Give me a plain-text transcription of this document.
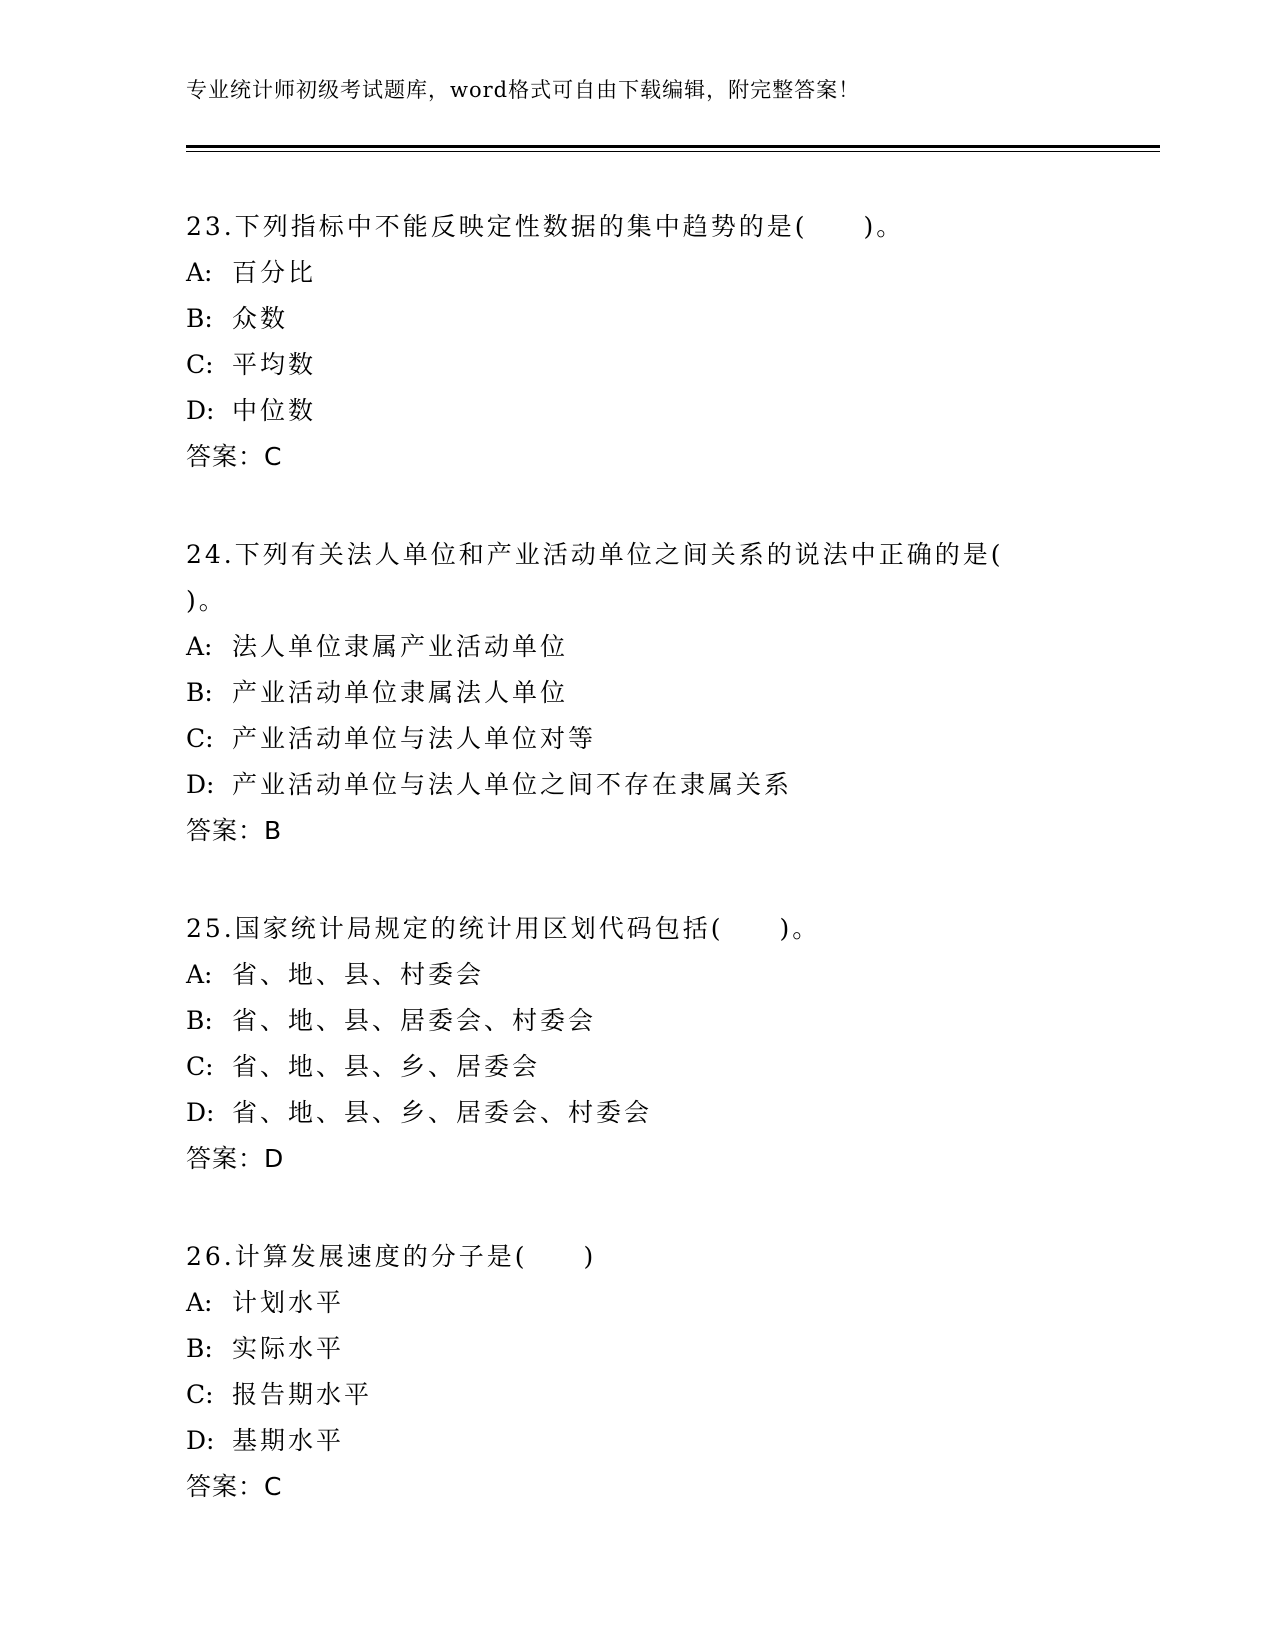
专业统计师初级考试题库，word格式可自由下载编辑，附完整答案！
23.下列指标中不能反映定性数据的集中趋势的是(　　)。
A: 百分比
B: 众数
C: 平均数
D: 中位数
答案：C
24.下列有关法人单位和产业活动单位之间关系的说法中正确的是(　　)。
A: 法人单位隶属产业活动单位
B: 产业活动单位隶属法人单位
C: 产业活动单位与法人单位对等
D: 产业活动单位与法人单位之间不存在隶属关系
答案：B
25.国家统计局规定的统计用区划代码包括(　　)。
A: 省、地、县、村委会
B: 省、地、县、居委会、村委会
C: 省、地、县、乡、居委会
D: 省、地、县、乡、居委会、村委会
答案：D
26.计算发展速度的分子是(　　)
A: 计划水平
B: 实际水平
C: 报告期水平
D: 基期水平
答案：C
